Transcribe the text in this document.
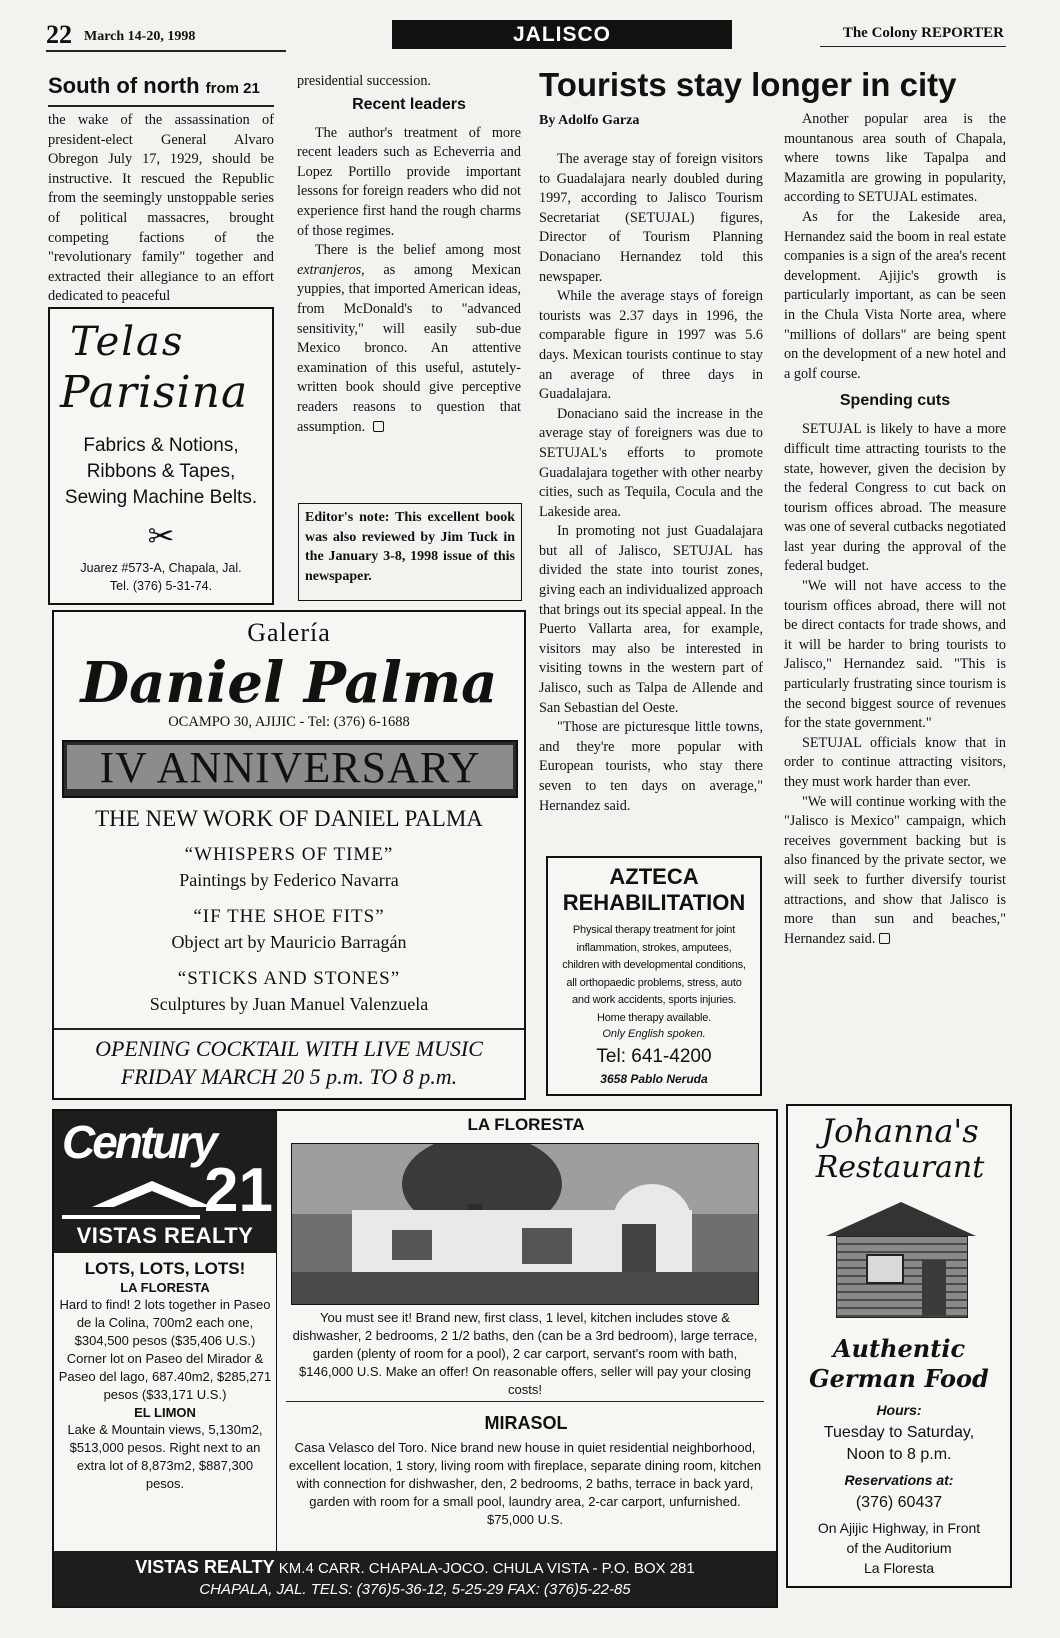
22 March 14-20, 1998	JALISCO	The Colony REPORTER
South of north from 21

the wake of the assassination of president-elect General Alvaro Obregon July 17, 1929, should be instructive. It rescued the Republic from the seemingly unstoppable series of political massacres, brought competing factions of the "revolutionary family" together and extracted their allegiance to an effort dedicated to peaceful

Telas
Parisina
Fabrics & Notions,
Ribbons & Tapes,
Sewing Machine Belts.
✂
Juarez #573-A, Chapala, Jal.
Tel. (376) 5-31-74.

presidential succession.

Recent leaders

The author's treatment of more recent leaders such as Echeverria and Lopez Portillo provide important lessons for foreign readers who did not experience first hand the rough charms of those regimes.

There is the belief among most extranjeros, as among Mexican yuppies, that imported American ideas, from McDonald's to "advanced sensitivity," will easily sub-due Mexico bronco. An attentive examination of this useful, astutely-written book should give perceptive readers reasons to question that assumption.

Editor's note: This excellent book was also reviewed by Jim Tuck in the January 3-8, 1998 issue of this newspaper.

Galería
Daniel Palma
OCAMPO 30, AJIJIC - Tel: (376) 6-1688
IV ANNIVERSARY
THE NEW WORK OF DANIEL PALMA
“WHISPERS OF TIME”
Paintings by Federico Navarra
“IF THE SHOE FITS”
Object art by Mauricio Barragán
“STICKS AND STONES”
Sculptures by Juan Manuel Valenzuela
OPENING COCKTAIL WITH LIVE MUSIC
FRIDAY MARCH 20 5 p.m. TO 8 p.m.
Tourists stay longer in city
By Adolfo Garza

The average stay of foreign visitors to Guadalajara nearly doubled during 1997, according to Jalisco Tourism Secretariat (SETUJAL) figures, Director of Tourism Planning Donaciano Hernandez told this newspaper.

While the average stays of foreign tourists was 2.37 days in 1996, the comparable figure in 1997 was 5.6 days. Mexican tourists continue to stay an average of three days in Guadalajara.

Donaciano said the increase in the average stay of foreigners was due to SETUJAL's efforts to promote Guadalajara together with other nearby cities, such as Tequila, Cocula and the Lakeside area.

In promoting not just Guadalajara but all of Jalisco, SETUJAL has divided the state into tourist zones, giving each an individualized approach that brings out its special appeal. In the Puerto Vallarta area, for example, visitors may also be interested in visiting towns in the western part of Jalisco, such as Talpa de Allende and San Sebastian del Oeste.

"Those are picturesque little towns, and they're more popular with European tourists, who stay there seven to ten days on average," Hernandez said.

Another popular area is the mountanous area south of Chapala, where towns like Tapalpa and Mazamitla are growing in popularity, according to SETUJAL estimates.

As for the Lakeside area, Hernandez said the boom in real estate companies is a sign of the area's recent development. Ajijic's growth is particularly important, as can be seen in the Chula Vista Norte area, where "millions of dollars" are being spent on the development of a new hotel and a golf course.

Spending cuts

SETUJAL is likely to have a more difficult time attracting tourists to the state, however, given the decision by the federal Congress to cut back on tourism offices abroad. The measure was one of several cutbacks negotiated last year during the approval of the federal budget.

"We will not have access to the tourism offices abroad, there will not be direct contacts for trade shows, and it will be harder to bring tourists to Jalisco," Hernandez said. "This is particularly frustrating since tourism is the second biggest source of revenues for the state government."

SETUJAL officials know that in order to continue attracting visitors, they must work harder than ever.

"We will continue working with the "Jalisco is Mexico" campaign, which receives government backing but is also financed by the private sector, we will seek to further diversify tourist attractions, and show that Jalisco is more than sun and beaches," Hernandez said.

AZTECA
REHABILITATION
Physical therapy treatment for joint inflammation, strokes, amputees, children with developmental conditions, all orthopaedic problems, stress, auto and work accidents, sports injuries. Home therapy available.
Only English spoken.
Tel: 641-4200
3658 Pablo Neruda
Century
21
VISTAS REALTY
LOTS, LOTS, LOTS!
LA FLORESTA
Hard to find! 2 lots together in Paseo de la Colina, 700m2 each one, $304,500 pesos ($35,406 U.S.)
Corner lot on Paseo del Mirador & Paseo del lago, 687.40m2, $285,271 pesos ($33,171 U.S.)
EL LIMON
Lake & Mountain views, 5,130m2, $513,000 pesos. Right next to an extra lot of 8,873m2, $887,300 pesos.
LA FLORESTA
You must see it! Brand new, first class, 1 level, kitchen includes stove & dishwasher, 2 bedrooms, 2 1/2 baths, den (can be a 3rd bedroom), large terrace, garden (plenty of room for a pool), 2 car carport, servant's room with bath, $146,000 U.S. Make an offer! On reasonable offers, seller will pay your closing costs!
MIRASOL
Casa Velasco del Toro. Nice brand new house in quiet residential neighborhood, excellent location, 1 story, living room with fireplace, separate dining room, kitchen with connection for dishwasher, den, 2 bedrooms, 2 baths, terrace in back yard, garden with room for a small pool, laundry area, 2-car carport, unfurnished. $75,000 U.S.
VISTAS REALTY KM.4 CARR. CHAPALA-JOCO. CHULA VISTA - P.O. BOX 281
CHAPALA, JAL. TELS: (376)5-36-12, 5-25-29 FAX: (376)5-22-85
Johanna's
Restaurant
Authentic
German Food
Hours:
Tuesday to Saturday,
Noon to 8 p.m.
Reservations at:
(376) 60437
On Ajijic Highway, in Front
of the Auditorium
La Floresta
